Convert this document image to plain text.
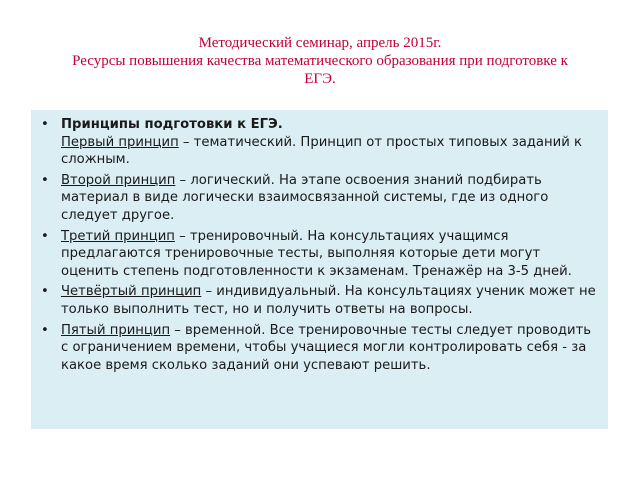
Методический семинар, апрель 2015г.
Ресурсы повышения качества математического образования при подготовке к
ЕГЭ.
• Принципы подготовки к ЕГЭ.
Первый принцип – тематический. Принцип от простых типовых заданий к сложным.
• Второй принцип – логический. На этапе освоения знаний подбирать материал в виде логически взаимосвязанной системы, где из одного следует другое.
• Третий принцип – тренировочный. На консультациях учащимся предлагаются тренировочные тесты, выполняя которые дети могут оценить степень подготовленности к экзаменам. Тренажёр на 3-5 дней.
• Четвёртый принцип – индивидуальный. На консультациях ученик может не только выполнить тест, но и получить ответы на вопросы.
• Пятый принцип – временной. Все тренировочные тесты следует проводить с ограничением времени, чтобы учащиеся могли контролировать себя - за какое время сколько заданий они успевают решить.
